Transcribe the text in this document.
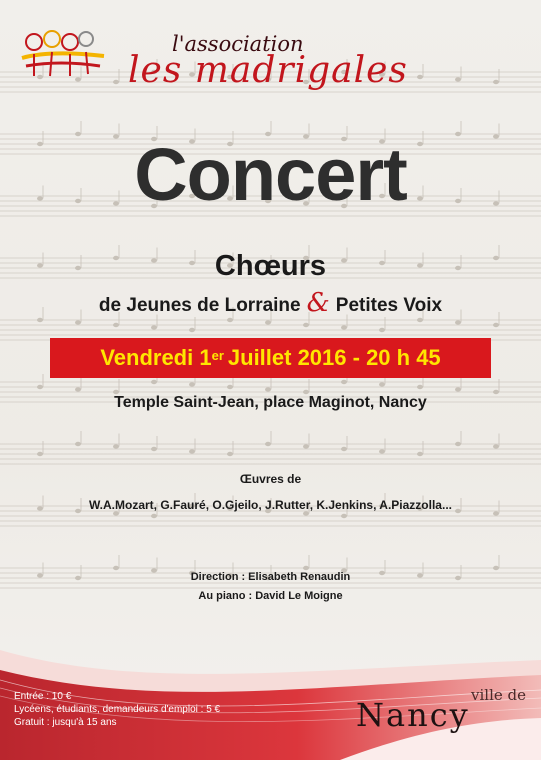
l'association
les madrigales
Concert
Chœurs
de Jeunes de Lorraine & Petites Voix
Vendredi 1er Juillet 2016 - 20 h 45
Temple Saint-Jean, place Maginot, Nancy
Œuvres de
W.A.Mozart, G.Fauré, O.Gjeilo, J.Rutter, K.Jenkins, A.Piazzolla...
Direction : Elisabeth Renaudin
Au piano : David Le Moigne
Entrée : 10 €
Lycéens, étudiants, demandeurs d'emploi : 5 €
Gratuit : jusqu'à 15 ans
ville de
Nancy
